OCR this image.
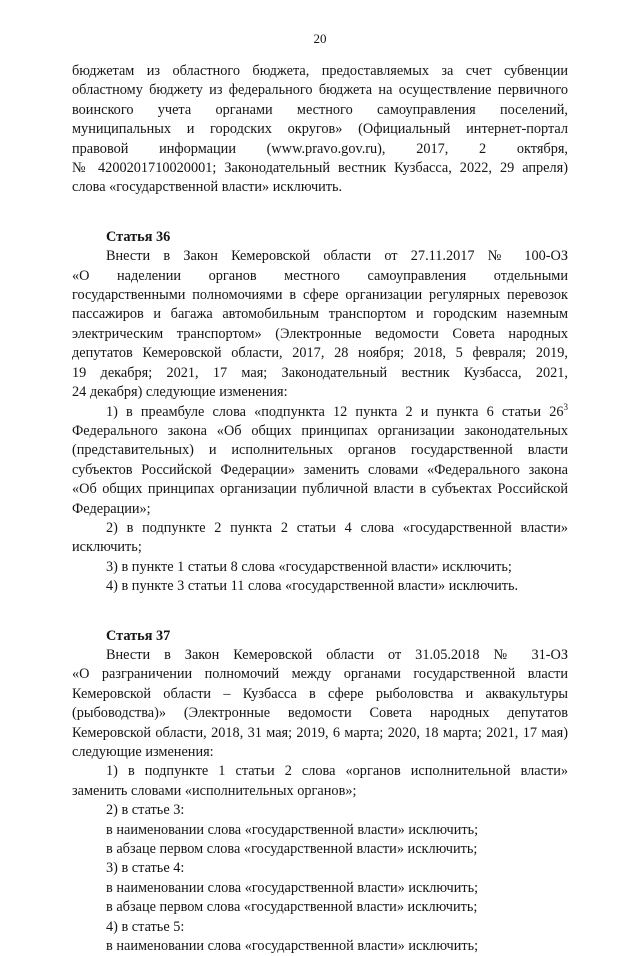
20

бюджетам из областного бюджета, предоставляемых за счет субвенции

областному бюджету из федерального бюджета на осуществление первичного

воинского учета органами местного самоуправления поселений,

муниципальных и городских округов» (Официальный интернет-портал

правовой информации (www.pravo.gov.ru), 2017, 2 октября,

№ 4200201710020001; Законодательный вестник Кузбасса, 2022, 29 апреля)

слова «государственной власти» исключить.

Статья 36

Внести в Закон Кемеровской области от 27.11.2017 № 100-ОЗ

«О наделении органов местного самоуправления отдельными

государственными полномочиями в сфере организации регулярных перевозок

пассажиров и багажа автомобильным транспортом и городским наземным

электрическим транспортом» (Электронные ведомости Совета народных

депутатов Кемеровской области, 2017, 28 ноября; 2018, 5 февраля; 2019,

19 декабря; 2021, 17 мая; Законодательный вестник Кузбасса, 2021,

24 декабря) следующие изменения:

1) в преамбуле слова «подпункта 12 пункта 2 и пункта 6 статьи $26^3$

Федерального закона «Об общих принципах организации законодательных

(представительных) и исполнительных органов государственной власти

субъектов Российской Федерации» заменить словами «Федерального закона

«Об общих принципах организации публичной власти в субъектах Российской

Федерации»;

2) в подпункте 2 пункта 2 статьи 4 слова «государственной власти»

исключить;

3) в пункте 1 статьи 8 слова «государственной власти» исключить;

4) в пункте 3 статьи 11 слова «государственной власти» исключить.

Статья 37

Внести в Закон Кемеровской области от 31.05.2018 № 31-ОЗ

«О разграничении полномочий между органами государственной власти

Кемеровской области – Кузбасса в сфере рыболовства и аквакультуры

(рыбоводства)» (Электронные ведомости Совета народных депутатов

Кемеровской области, 2018, 31 мая; 2019, 6 марта; 2020, 18 марта; 2021, 17 мая)

следующие изменения:

1) в подпункте 1 статьи 2 слова «органов исполнительной власти»

заменить словами «исполнительных органов»;

2) в статье 3:

в наименовании слова «государственной власти» исключить;

в абзаце первом слова «государственной власти» исключить;

3) в статье 4:

в наименовании слова «государственной власти» исключить;

в абзаце первом слова «государственной власти» исключить;

4) в статье 5:

в наименовании слова «государственной власти» исключить;
